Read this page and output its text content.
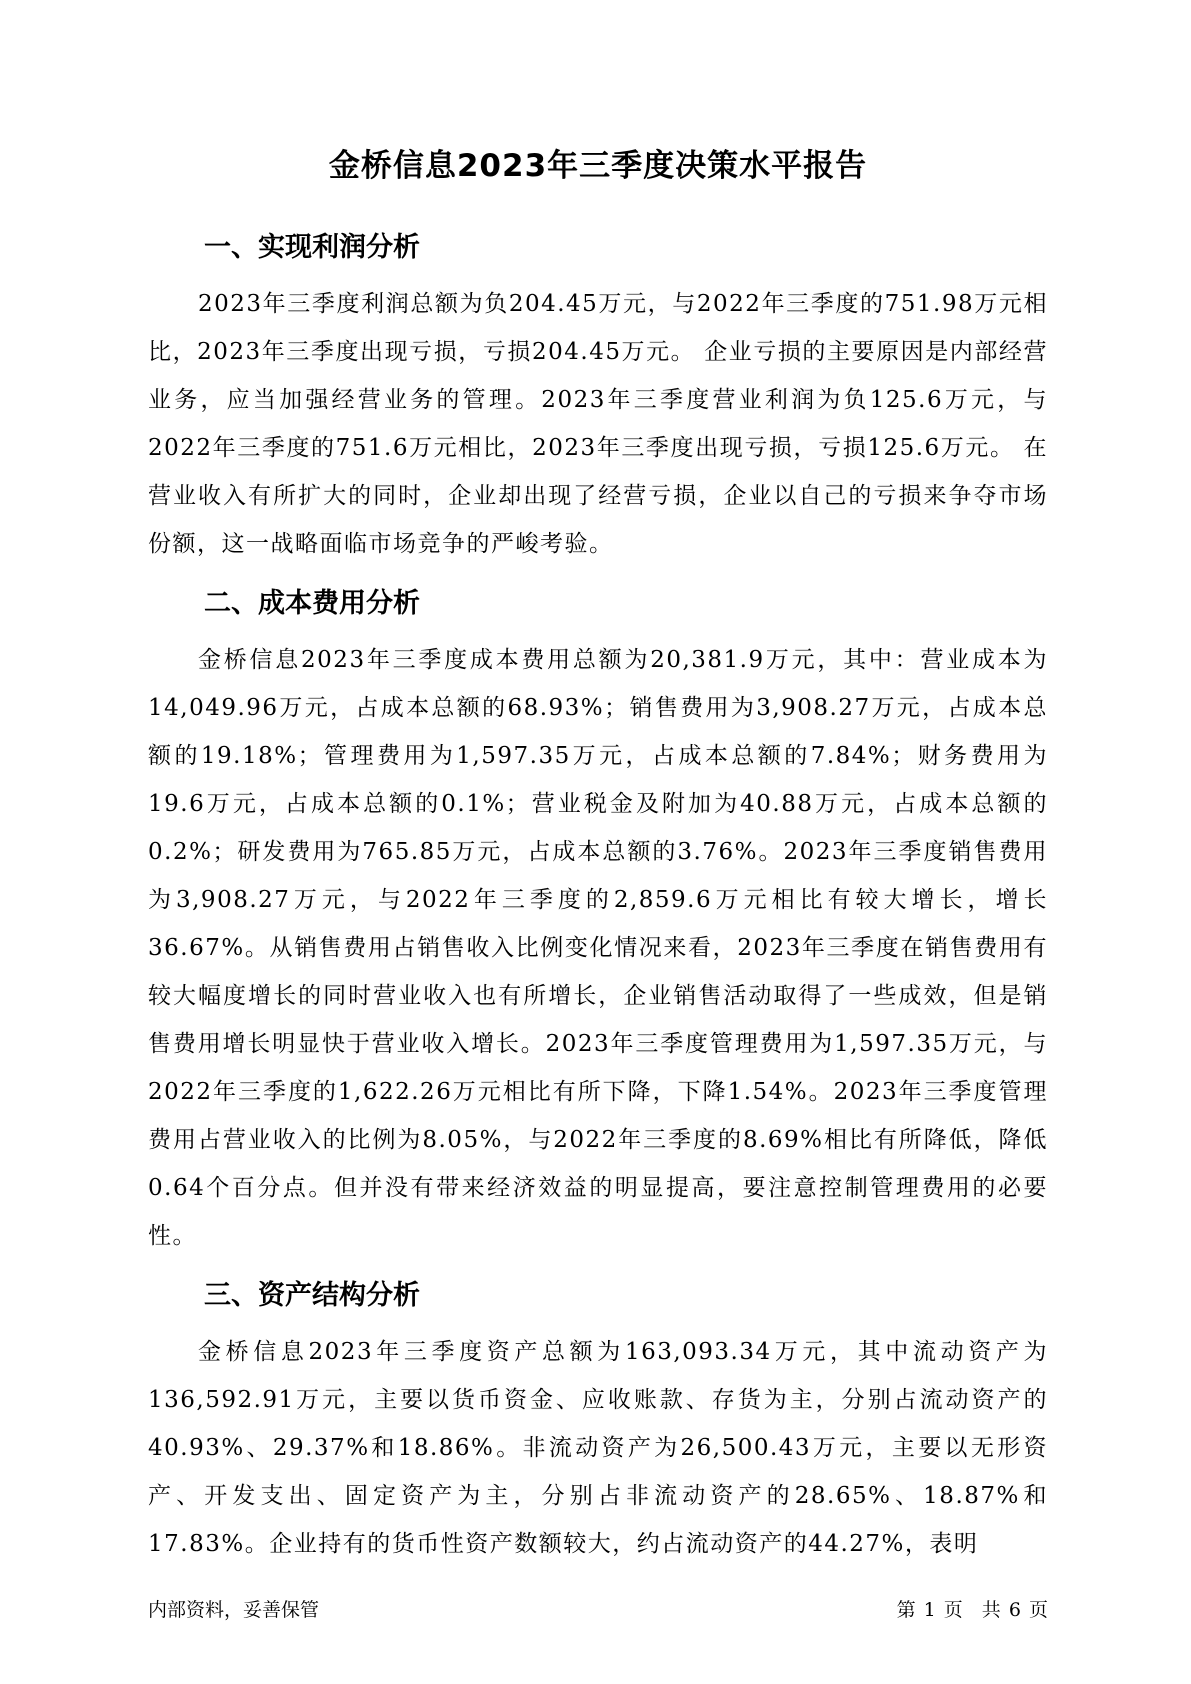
金桥信息2023年三季度决策水平报告
一、实现利润分析

2023年三季度利润总额为负204.45万元，与2022年三季度的751.98万元相比，2023年三季度出现亏损，亏损204.45万元。 企业亏损的主要原因是内部经营业务，应当加强经营业务的管理。2023年三季度营业利润为负125.6万元，与2022年三季度的751.6万元相比，2023年三季度出现亏损，亏损125.6万元。 在营业收入有所扩大的同时，企业却出现了经营亏损，企业以自己的亏损来争夺市场份额，这一战略面临市场竞争的严峻考验。

二、成本费用分析

金桥信息2023年三季度成本费用总额为20,381.9万元，其中：营业成本为14,049.96万元，占成本总额的68.93%；销售费用为3,908.27万元，占成本总额的19.18%；管理费用为1,597.35万元，占成本总额的7.84%；财务费用为19.6万元，占成本总额的0.1%；营业税金及附加为40.88万元，占成本总额的0.2%；研发费用为765.85万元，占成本总额的3.76%。2023年三季度销售费用为3,908.27万元，与2022年三季度的2,859.6万元相比有较大增长，增长36.67%。从销售费用占销售收入比例变化情况来看，2023年三季度在销售费用有较大幅度增长的同时营业收入也有所增长，企业销售活动取得了一些成效，但是销售费用增长明显快于营业收入增长。2023年三季度管理费用为1,597.35万元，与2022年三季度的1,622.26万元相比有所下降，下降1.54%。2023年三季度管理费用占营业收入的比例为8.05%，与2022年三季度的8.69%相比有所降低，降低0.64个百分点。但并没有带来经济效益的明显提高，要注意控制管理费用的必要性。

三、资产结构分析

金桥信息2023年三季度资产总额为163,093.34万元，其中流动资产为136,592.91万元，主要以货币资金、应收账款、存货为主，分别占流动资产的40.93%、29.37%和18.86%。非流动资产为26,500.43万元，主要以无形资产、开发支出、固定资产为主，分别占非流动资产的28.65%、18.87%和17.83%。企业持有的货币性资产数额较大，约占流动资产的44.27%，表明

内部资料，妥善保管	第 1 页　共 6 页
